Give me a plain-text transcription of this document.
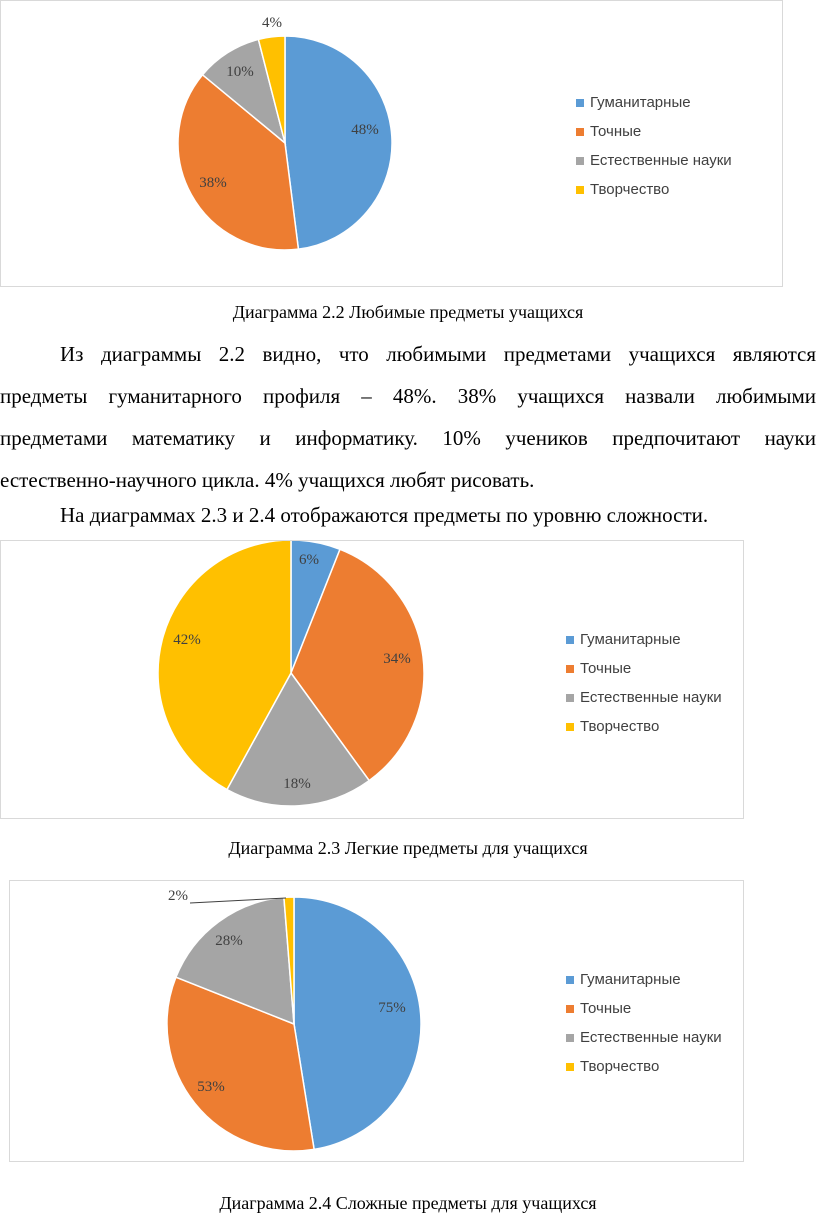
48%
38%
10%
4%
Гуманитарные
Точные
Естественные науки
Творчество
Диаграмма 2.2 Любимые предметы учащихся
Из диаграммы 2.2 видно, что любимыми предметами учащихся являются
предметы гуманитарного профиля – 48%. 38% учащихся назвали любимыми
предметами математику и информатику. 10% учеников предпочитают науки
естественно-научного цикла. 4% учащихся любят рисовать.
На диаграммах 2.3 и 2.4 отображаются предметы по уровню сложности.
6%
34%
18%
42%	Гуманитарные
Точные
Естественные науки
Творчество
Диаграмма 2.3 Легкие предметы для учащихся
75%
53%
28%
2%
Гуманитарные
Точные
Естественные науки
Творчество
Диаграмма 2.4 Сложные предметы для учащихся
